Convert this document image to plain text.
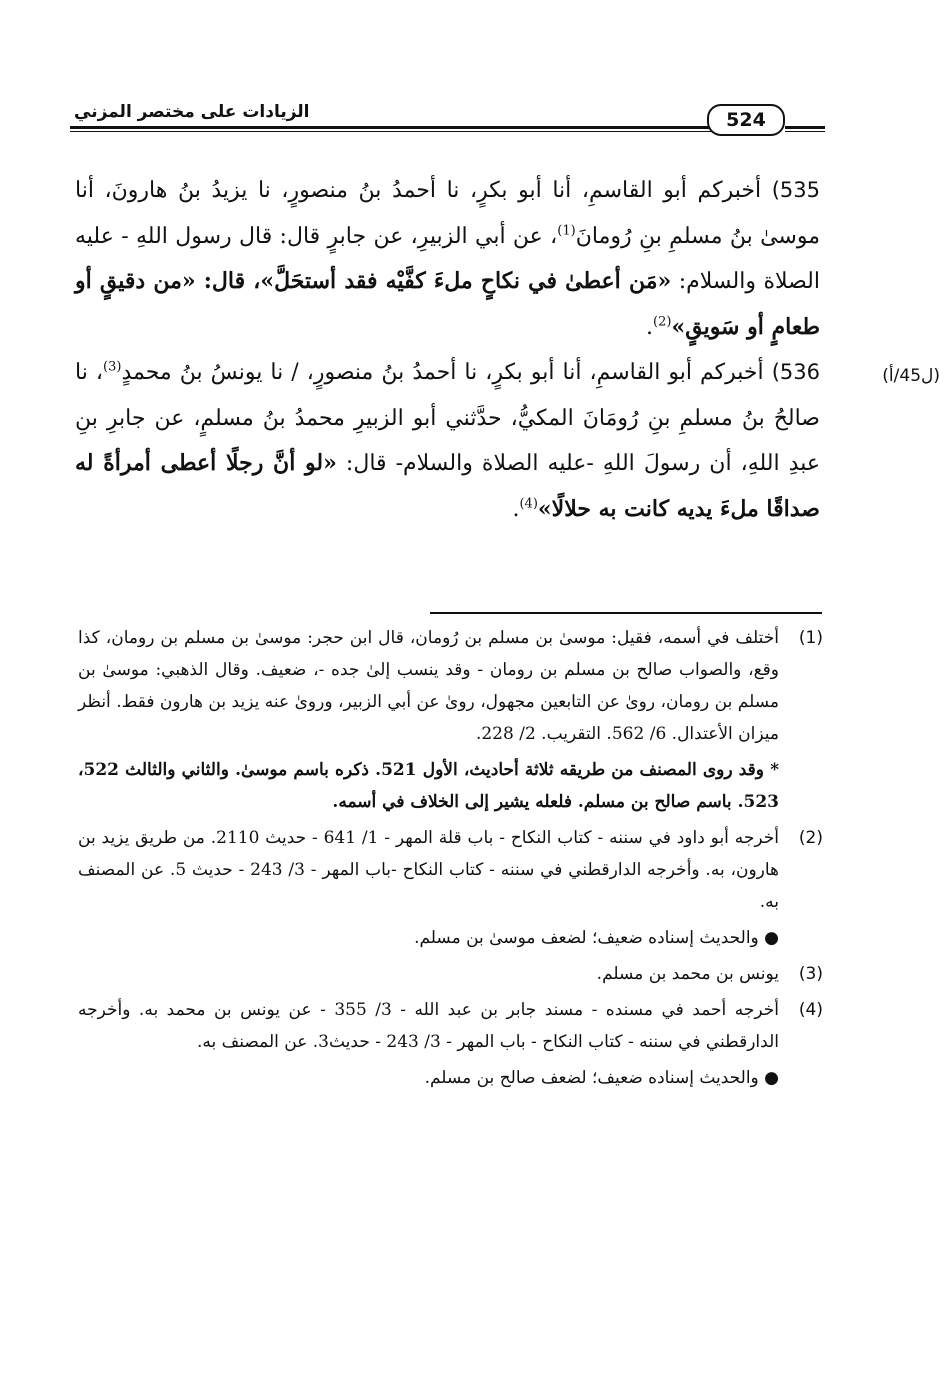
الزيادات على مختصر المزني	524
(ل45/أ)

535) أخبركم أبو القاسمِ، أنا أبو بكرٍ، نا أحمدُ بنُ منصورٍ، نا يزيدُ بنُ هارونَ، أنا موسىٰ بنُ مسلمِ بنِ رُومانَ$^{(1)}$، عن أبي الزبيرِ، عن جابرٍ قال: قال رسول اللهِ - عليه الصلاة والسلام: «مَن أعطىٰ في نكاحٍ ملءَ كفَّيْه فقد أستحَلَّ»، قال: «من دقيقٍ أو طعامٍ أو سَويقٍ»$^{(2)}$.

536) أخبركم أبو القاسمِ، أنا أبو بكرٍ، نا أحمدُ بنُ منصورٍ، / نا يونسُ بنُ محمدٍ$^{(3)}$، نا صالحُ بنُ مسلمِ بنِ رُومَانَ المكيُّ، حدَّثني أبو الزبيرِ محمدُ بنُ مسلمٍ، عن جابرِ بنِ عبدِ اللهِ، أن رسولَ اللهِ -عليه الصلاة والسلام- قال: «لو أنَّ رجلًا أعطى أمرأةً له صداقًا ملءَ يديه كانت به حلالًا»$^{(4)}$.

(1)
أختلف في أسمه، فقيل: موسىٰ بن مسلم بن رُومان، قال ابن حجر: موسىٰ بن مسلم بن رومان، كذا وقع، والصواب صالح بن مسلم بن رومان - وقد ينسب إلىٰ جده -، ضعيف. وقال الذهبي: موسىٰ بن مسلم بن رومان، روىٰ عن التابعين مجهول، روىٰ عن أبي الزبير، وروىٰ عنه يزيد بن هارون فقط. أنظر ميزان الأعتدال. 6/ 562. التقريب. 2/ 228.
* وقد روى المصنف من طريقه ثلاثة أحاديث، الأول 521. ذكره باسم موسىٰ. والثاني والثالث 522، 523. باسم صالح بن مسلم. فلعله يشير إلى الخلاف في أسمه.
(2)
أخرجه أبو داود في سننه - كتاب النكاح - باب قلة المهر - 1/ 641 - حديث 2110. من طريق يزيد بن هارون، به. وأخرجه الدارقطني في سننه - كتاب النكاح -باب المهر - 3/ 243 - حديث 5. عن المصنف به.
● والحديث إسناده ضعيف؛ لضعف موسىٰ بن مسلم.
(3)
يونس بن محمد بن مسلم.
(4)
أخرجه أحمد في مسنده - مسند جابر بن عبد الله - 3/ 355 - عن يونس بن محمد به. وأخرجه الدارقطني في سننه - كتاب النكاح - باب المهر - 3/ 243 - حديث3. عن المصنف به.
● والحديث إسناده ضعيف؛ لضعف صالح بن مسلم.
